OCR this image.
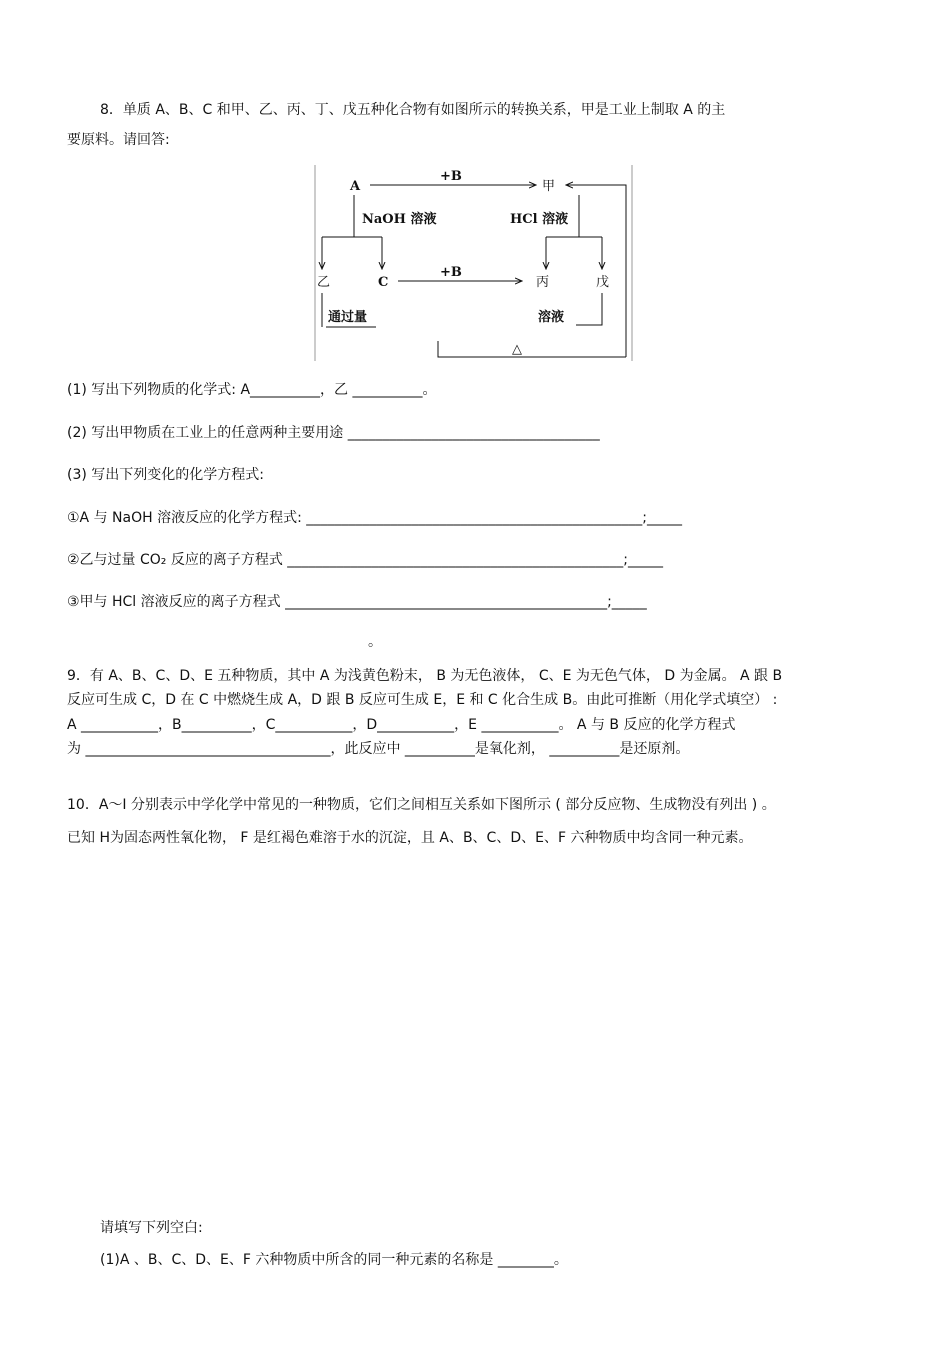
8．单质 A、B、C 和甲、乙、丙、丁、戊五种化合物有如图所示的转换关系，甲是工业上制取 A 的主
要原料。请回答:
A
+B
甲
NaOH 溶液	HCl 溶液
乙	C
+B
丙	戊
通过量	溶液
△
(1) 写出下列物质的化学式: A__________，乙 __________。
(2) 写出甲物质在工业上的任意两种主要用途 ____________________________________
(3) 写出下列变化的化学方程式:
①A 与 NaOH 溶液反应的化学方程式: ________________________________________________;_____
②乙与过量 CO₂ 反应的离子方程式 ________________________________________________;_____
③甲与 HCl 溶液反应的离子方程式 ______________________________________________;_____
。
9．有 A、B、C、D、E 五种物质，其中 A 为浅黄色粉末， B 为无色液体， C、E 为无色气体， D 为金属。 A 跟 B
反应可生成 C，D 在 C 中燃烧生成 A，D 跟 B 反应可生成 E，E 和 C 化合生成 B。由此可推断（用化学式填空） :
A ___________，B__________，C___________，D___________，E ___________。 A 与 B 反应的化学方程式
为 ___________________________________，此反应中 __________是氧化剂， __________是还原剂。
10．A～I 分别表示中学化学中常见的一种物质，它们之间相互关系如下图所示 ( 部分反应物、生成物没有列出 ) 。
已知 H为固态两性氧化物， F 是红褐色难溶于水的沉淀，且 A、B、C、D、E、F 六种物质中均含同一种元素。
请填写下列空白:
(1)A 、B、C、D、E、F 六种物质中所含的同一种元素的名称是 ________。
